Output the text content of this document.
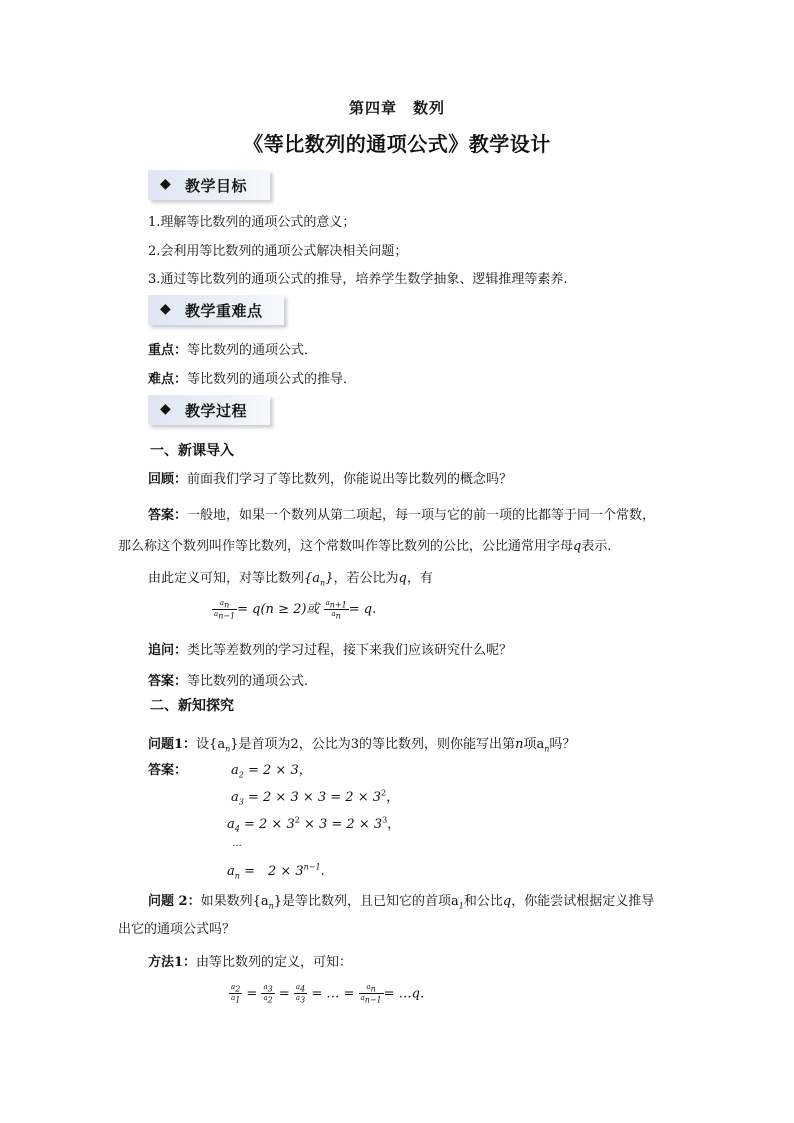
第四章　数列
《等比数列的通项公式》教学设计
◆ 教学目标
1.理解等比数列的通项公式的意义；
2.会利用等比数列的通项公式解决相关问题；
3.通过等比数列的通项公式的推导，培养学生数学抽象、逻辑推理等素养.
◆ 教学重难点
重点：等比数列的通项公式．
难点：等比数列的通项公式的推导．
◆ 教学过程
一、新课导入
回顾：前面我们学习了等比数列，你能说出等比数列的概念吗？
答案：一般地，如果一个数列从第二项起，每一项与它的前一项的比都等于同一个常数，
那么称这个数列叫作等比数列，这个常数叫作等比数列的公比，公比通常用字母q表示.
由此定义可知，对等比数列$\{a_n\}$，若公比为q，有
$\frac{a_n}{a_{n-1}} = q(n \ge 2)$或 $\frac{a_{n+1}}{a_n} = q$.
追问：类比等差数列的学习过程，接下来我们应该研究什么呢？
答案：等比数列的通项公式.
二、新知探究
问题1：设$\{a_n\}$是首项为2，公比为3的等比数列，则你能写出第n项$a_n$吗？
答案：	$a_2 = 2 \times 3$，
$a_3 = 2 \times 3 \times 3 = 2 \times 3^2$，
$a_4 = 2 \times 3^2 \times 3 = 2 \times 3^3$，
…
$a_n$ =　$2 \times 3^{n-1}$.
问题 2：如果数列$\{a_n\}$是等比数列，且已知它的首项$a_1$和公比q，你能尝试根据定义推导
出它的通项公式吗？
方法1：由等比数列的定义，可知：
$\frac{a_2}{a_1} = \frac{a_3}{a_2} = \frac{a_4}{a_3}$ = … = $\frac{a_n}{a_{n-1}}$ = …q.
